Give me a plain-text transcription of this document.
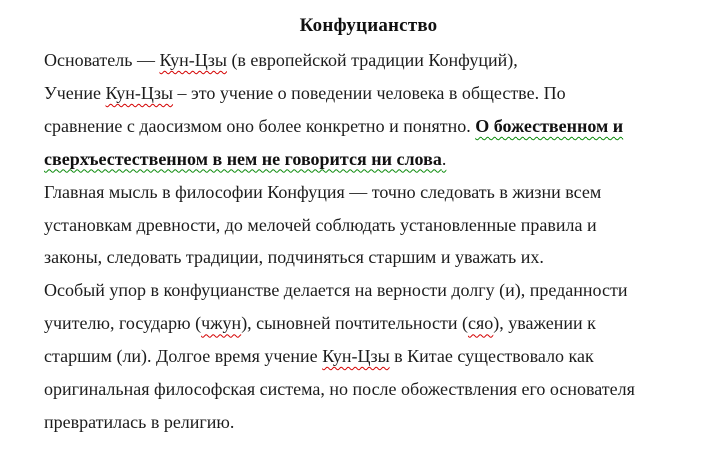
Конфуцианство
Основатель — Кун-Цзы (в европейской традиции Конфуций),
Учение Кун-Цзы – это учение о поведении человека в обществе. По
сравнение с даосизмом оно более конкретно и понятно. О божественном и
сверхъестественном в нем не говорится ни слова.
Главная мысль в философии Конфуция — точно следовать в жизни всем
установкам древности, до мелочей соблюдать установленные правила и
законы, следовать традиции, подчиняться старшим и уважать их.
Особый упор в конфуцианстве делается на верности долгу (и), преданности
учителю, государю (чжун), сыновней почтительности (сяо), уважении к
старшим (ли). Долгое время учение Кун-Цзы в Китае существовало как
оригинальная философская система, но после обожествления его основателя
превратилась в религию.
